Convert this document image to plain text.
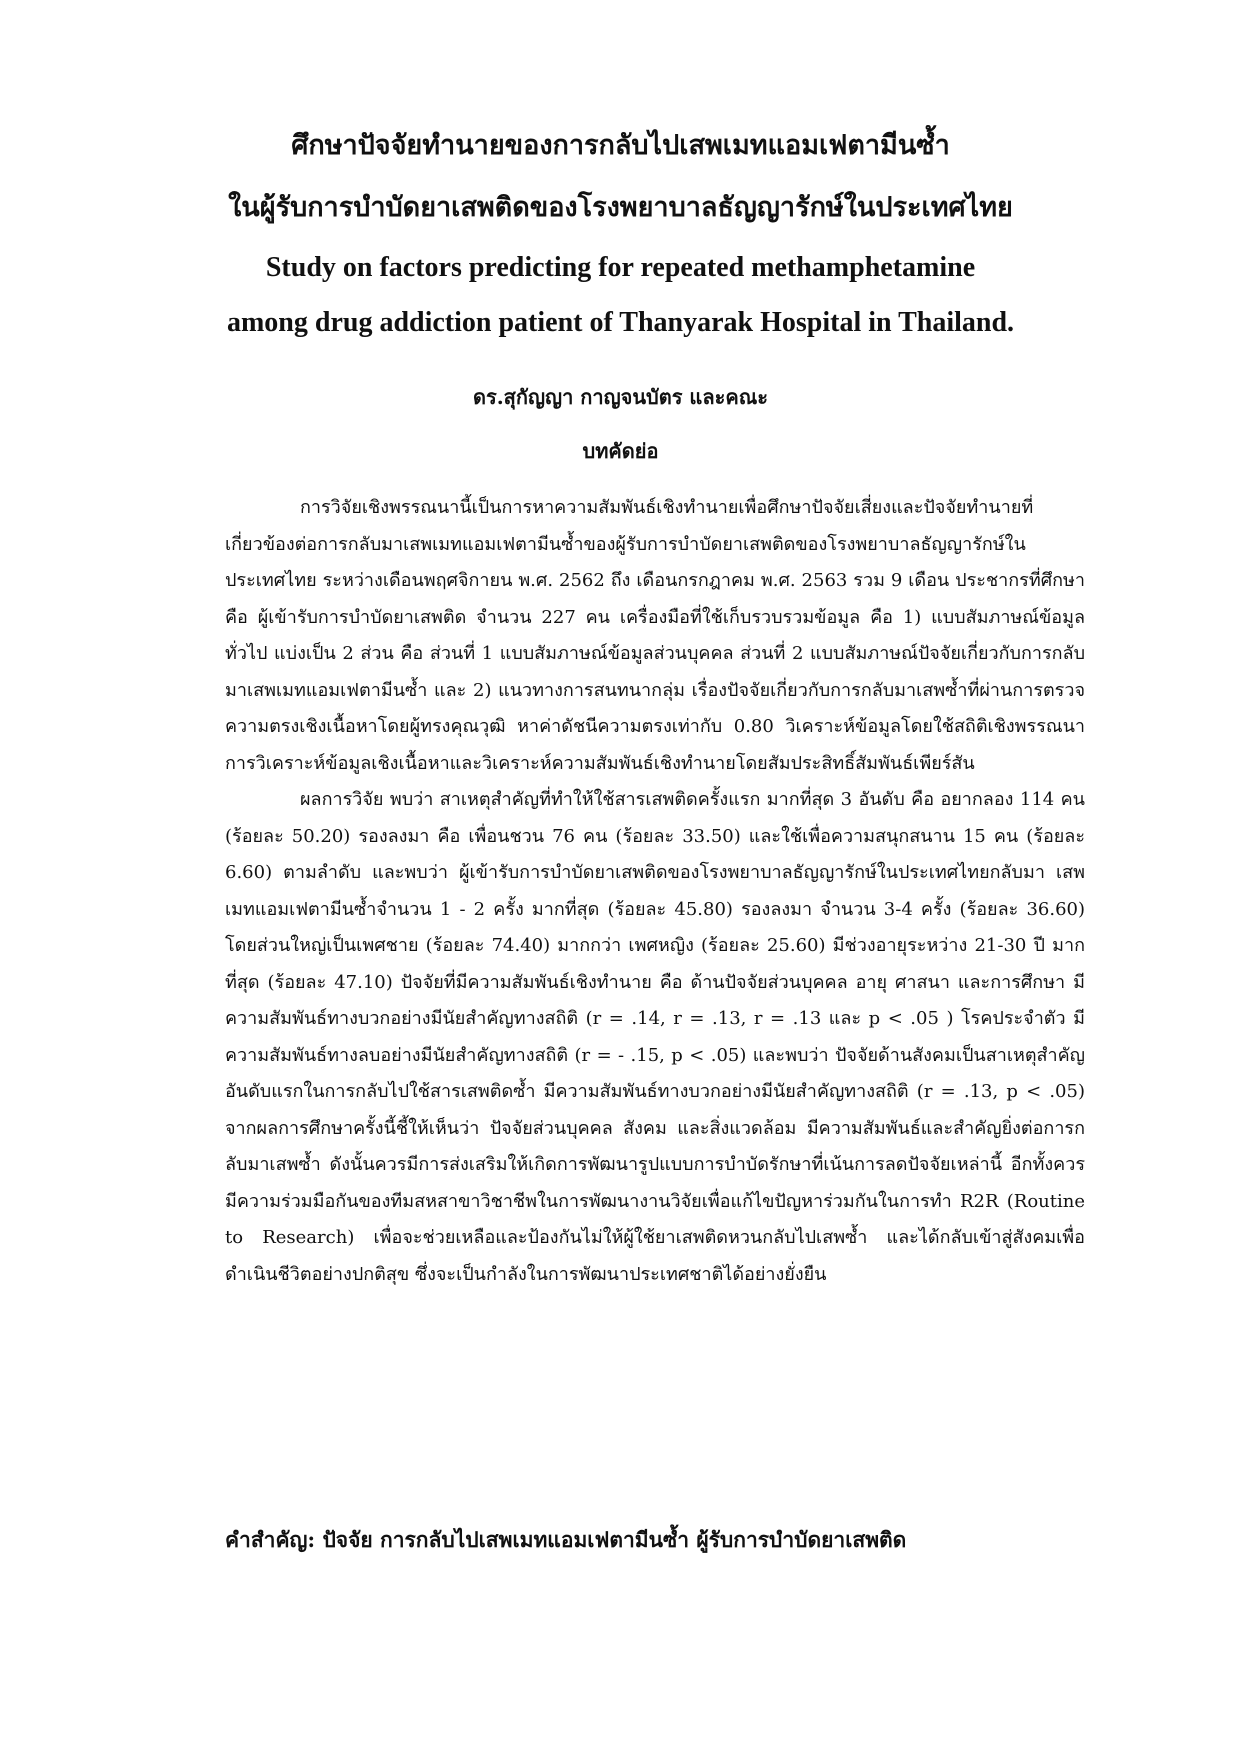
ศึกษาปัจจัยทำนายของการกลับไปเสพเมทแอมเฟตามีนซ้ำ
ในผู้รับการบำบัดยาเสพติดของโรงพยาบาลธัญญารักษ์ในประเทศไทย
Study on factors predicting for repeated methamphetamine
among drug addiction patient of Thanyarak Hospital in Thailand.
ดร.สุกัญญา กาญจนบัตร และคณะ
บทคัดย่อ

การวิจัยเชิงพรรณนานี้เป็นการหาความสัมพันธ์เชิงทำนายเพื่อศึกษาปัจจัยเสี่ยงและปัจจัยทำนายที่เกี่ยวข้องต่อการกลับมาเสพเมทแอมเฟตามีนซ้ำของผู้รับการบำบัดยาเสพติดของโรงพยาบาลธัญญารักษ์ในประเทศไทย ระหว่างเดือนพฤศจิกายน พ.ศ. 2562 ถึง เดือนกรกฎาคม พ.ศ. 2563 รวม 9 เดือน ประชากรที่ศึกษาคือ ผู้เข้ารับการบำบัดยาเสพติด จำนวน 227 คน เครื่องมือที่ใช้เก็บรวบรวมข้อมูล คือ 1) แบบสัมภาษณ์ข้อมูลทั่วไป แบ่งเป็น 2 ส่วน คือ ส่วนที่ 1 แบบสัมภาษณ์ข้อมูลส่วนบุคคล ส่วนที่ 2 แบบสัมภาษณ์ปัจจัยเกี่ยวกับการกลับมาเสพเมทแอมเฟตามีนซ้ำ และ 2) แนวทางการสนทนากลุ่ม เรื่องปัจจัยเกี่ยวกับการกลับมาเสพซ้ำที่ผ่านการตรวจความตรงเชิงเนื้อหาโดยผู้ทรงคุณวุฒิ หาค่าดัชนีความตรงเท่ากับ 0.80 วิเคราะห์ข้อมูลโดยใช้สถิติเชิงพรรณนา การวิเคราะห์ข้อมูลเชิงเนื้อหาและวิเคราะห์ความสัมพันธ์เชิงทำนายโดยสัมประสิทธิ์สัมพันธ์เพียร์สัน

ผลการวิจัย พบว่า สาเหตุสำคัญที่ทำให้ใช้สารเสพติดครั้งแรก มากที่สุด 3 อันดับ คือ อยากลอง 114 คน (ร้อยละ 50.20) รองลงมา คือ เพื่อนชวน 76 คน (ร้อยละ 33.50) และใช้เพื่อความสนุกสนาน 15 คน (ร้อยละ 6.60) ตามลำดับ และพบว่า ผู้เข้ารับการบำบัดยาเสพติดของโรงพยาบาลธัญญารักษ์ในประเทศไทยกลับมา เสพเมทแอมเฟตามีนซ้ำจำนวน 1 - 2 ครั้ง มากที่สุด (ร้อยละ 45.80) รองลงมา จำนวน 3-4 ครั้ง (ร้อยละ 36.60) โดยส่วนใหญ่เป็นเพศชาย (ร้อยละ 74.40) มากกว่า เพศหญิง (ร้อยละ 25.60) มีช่วงอายุระหว่าง 21-30 ปี มากที่สุด (ร้อยละ 47.10) ปัจจัยที่มีความสัมพันธ์เชิงทำนาย คือ ด้านปัจจัยส่วนบุคคล อายุ ศาสนา และการศึกษา มีความสัมพันธ์ทางบวกอย่างมีนัยสำคัญทางสถิติ (r = .14, r = .13, r = .13 และ p < .05 ) โรคประจำตัว มีความสัมพันธ์ทางลบอย่างมีนัยสำคัญทางสถิติ (r = - .15, p < .05) และพบว่า ปัจจัยด้านสังคมเป็นสาเหตุสำคัญอันดับแรกในการกลับไปใช้สารเสพติดซ้ำ มีความสัมพันธ์ทางบวกอย่างมีนัยสำคัญทางสถิติ (r = .13, p < .05) จากผลการศึกษาครั้งนี้ชี้ให้เห็นว่า ปัจจัยส่วนบุคคล สังคม และสิ่งแวดล้อม มีความสัมพันธ์และสำคัญยิ่งต่อการกลับมาเสพซ้ำ ดังนั้นควรมีการส่งเสริมให้เกิดการพัฒนารูปแบบการบำบัดรักษาที่เน้นการลดปัจจัยเหล่านี้ อีกทั้งควรมีความร่วมมือกันของทีมสหสาขาวิชาชีพในการพัฒนางานวิจัยเพื่อแก้ไขปัญหาร่วมกันในการทำ R2R (Routine to Research) เพื่อจะช่วยเหลือและป้องกันไม่ให้ผู้ใช้ยาเสพติดหวนกลับไปเสพซ้ำ และได้กลับเข้าสู่สังคมเพื่อดำเนินชีวิตอย่างปกติสุข ซึ่งจะเป็นกำลังในการพัฒนาประเทศชาติได้อย่างยั่งยืน

คำสำคัญ: ปัจจัย การกลับไปเสพเมทแอมเฟตามีนซ้ำ ผู้รับการบำบัดยาเสพติด
